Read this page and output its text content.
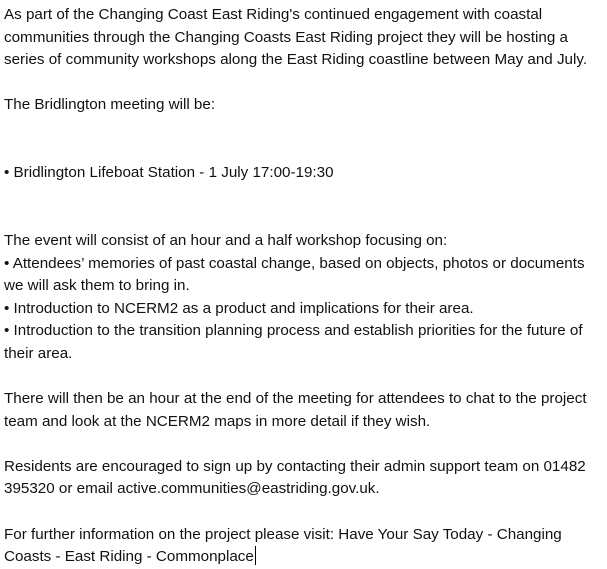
As part of the Changing Coast East Riding's continued engagement with coastal communities through the Changing Coasts East Riding project they will be hosting a series of community workshops along the East Riding coastline between May and July.

The Bridlington meeting will be:

• Bridlington Lifeboat Station - 1 July 17:00-19:30

The event will consist of an hour and a half workshop focusing on:

• Attendees’ memories of past coastal change, based on objects, photos or documents we will ask them to bring in.

• Introduction to NCERM2 as a product and implications for their area.

• Introduction to the transition planning process and establish priorities for the future of their area.

There will then be an hour at the end of the meeting for attendees to chat to the project team and look at the NCERM2 maps in more detail if they wish.

Residents are encouraged to sign up by contacting their admin support team on 01482 395320 or email active.communities@eastriding.gov.uk.

For further information on the project please visit: Have Your Say Today - Changing Coasts - East Riding - Commonplace
